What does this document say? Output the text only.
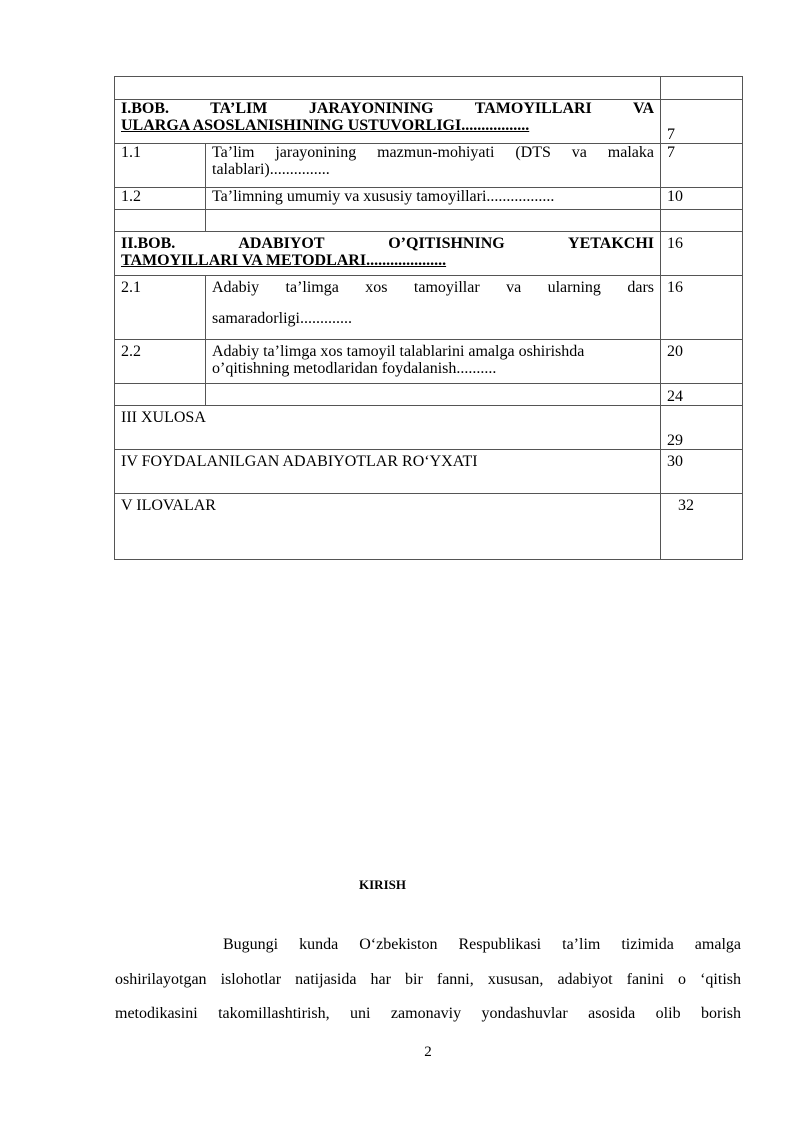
I.BOB. TA’LIM JARAYONINING TAMOYILLARI VA
ULARGA ASOSLANISHINING USTUVORLIGI.................		7
1.1	Ta’lim jarayonining mazmun-mohiyati (DTS va malaka talablari)...............	7
1.2	Ta’limning umumiy va xususiy tamoyillari.................	10

II.BOB. ADABIYOT O’QITISHNING YETAKCHI
TAMOYILLARI VA METODLARI....................		16
2.1	Adabiy ta’limga xos tamoyillar va ularning dars
samaradorligi.............	16
2.2	Adabiy ta’limga xos tamoyil talablarini amalga oshirishda o’qitishning metodlaridan foydalanish..........	20
		24
III XULOSA		29
IV FOYDALANILGAN ADABIYOTLAR RO‘YXATI		30
V ILOVALAR		32
KIRISH
Bugungi kunda O‘zbekiston Respublikasi ta’lim tizimida amalga
oshirilayotgan islohotlar natijasida har bir fanni, xususan, adabiyot fanini o ‘qitish
metodikasini takomillashtirish, uni zamonaviy yondashuvlar asosida olib borish
2
